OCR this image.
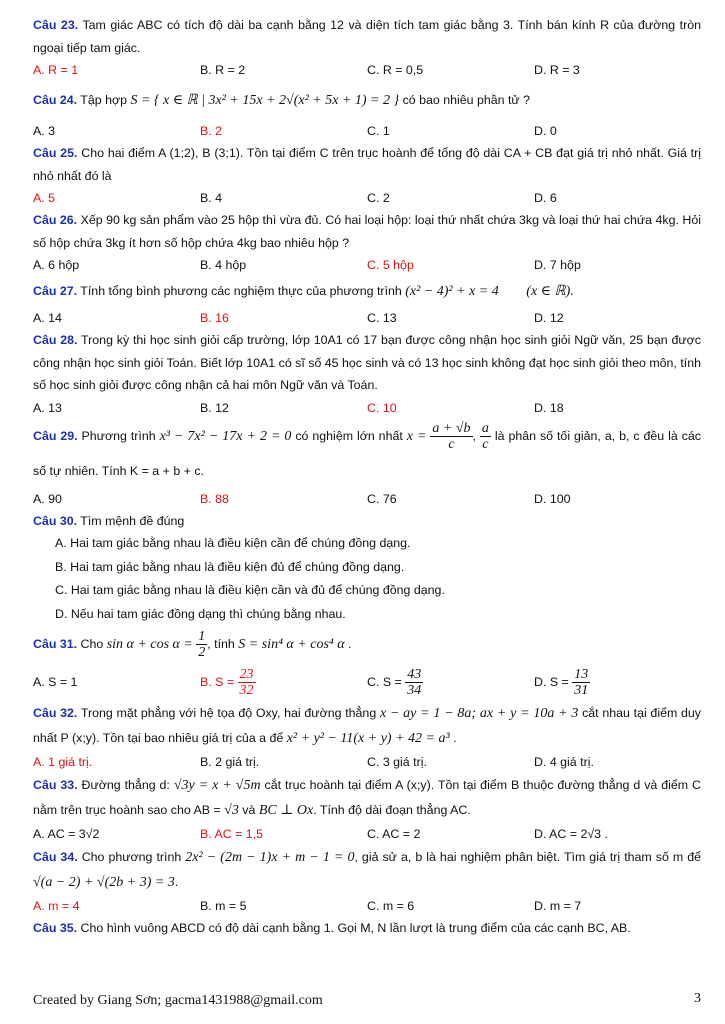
Câu 23. Tam giác ABC có tích độ dài ba cạnh bằng 12 và diện tích tam giác bằng 3. Tính bán kính R của đường tròn ngoại tiếp tam giác.
A. R = 1	B. R = 2	C. R = 0,5	D. R = 3
Câu 24. Tập hợp S = { x ∈ ℝ | 3x² + 15x + 2√(x² + 5x + 1) = 2 } có bao nhiêu phần tử ?
A. 3	B. 2	C. 1	D. 0
Câu 25. Cho hai điểm A (1;2), B (3;1). Tồn tại điểm C trên trục hoành để tổng độ dài CA + CB đạt giá trị nhỏ nhất. Giá trị nhỏ nhất đó là
A. 5	B. 4	C. 2	D. 6
Câu 26. Xếp 90 kg sản phẩm vào 25 hộp thì vừa đủ. Có hai loại hộp: loại thứ nhất chứa 3kg và loại thứ hai chứa 4kg. Hỏi số hộp chứa 3kg ít hơn số hộp chứa 4kg bao nhiêu hộp ?
A. 6 hộp	B. 4 hộp	C. 5 hộp	D. 7 hộp
Câu 27. Tính tổng bình phương các nghiệm thực của phương trình (x² − 4)² + x = 4 (x ∈ ℝ).
A. 14	B. 16	C. 13	D. 12
Câu 28. Trong kỳ thi học sinh giỏi cấp trường, lớp 10A1 có 17 bạn được công nhận học sinh giỏi Ngữ văn, 25 bạn được công nhận học sinh giỏi Toán. Biết lớp 10A1 có sĩ số 45 học sinh và có 13 học sinh không đạt học sinh giỏi theo môn, tính số học sinh giỏi được công nhận cả hai môn Ngữ văn và Toán.
A. 13	B. 12	C. 10	D. 18
Câu 29. Phương trình x³ − 7x² − 17x + 2 = 0 có nghiệm lớn nhất $x = \frac{a + √b}{c}$ , $\frac{a}{c}$ là phân số tối giản, a, b, c đều là các số tự nhiên. Tính K = a + b + c.
A. 90	B. 88	C. 76	D. 100
Câu 30. Tìm mệnh đề đúng
A. Hai tam giác bằng nhau là điều kiện cần để chúng đồng dạng.
B. Hai tam giác bằng nhau là điều kiện đủ để chúng đồng dạng.
C. Hai tam giác bằng nhau là điều kiện cần và đủ để chúng đồng dạng.
D. Nếu hai tam giác đồng dạng thì chúng bằng nhau.
Câu 31. Cho $\sin \alpha + \cos \alpha = \frac{1}{2}$ , tính S = sin⁴ α + cos⁴ α .
A. S = 1	B. $S = \frac{23}{32}$	C. $S = \frac{43}{34}$	D. $S = \frac{13}{31}$
Câu 32. Trong mặt phẳng với hệ tọa độ Oxy, hai đường thẳng x − ay = 1 − 8a; ax + y = 10a + 3 cắt nhau tại điểm duy nhất P (x;y). Tồn tại bao nhiêu giá trị của a để x² + y² − 11(x + y) + 42 = a³ .
A. 1 giá trị.	B. 2 giá trị.	C. 3 giá trị.	D. 4 giá trị.
Câu 33. Đường thẳng d: √3y = x + √5m cắt trục hoành tại điểm A (x;y). Tồn tại điểm B thuộc đường thẳng d và điểm C nằm trên trục hoành sao cho AB = √3 và BC ⊥ Ox. Tính độ dài đoạn thẳng AC.
A. AC = 3√2	B. AC = 1,5	C. AC = 2	D. AC = 2√3 .
Câu 34. Cho phương trình 2x² − (2m − 1)x + m − 1 = 0, giả sử a, b là hai nghiệm phân biệt. Tìm giá trị tham số m để √(a − 2) + √(2b + 3) = 3.
A. m = 4	B. m = 5	C. m = 6	D. m = 7
Câu 35. Cho hình vuông ABCD có độ dài cạnh bằng 1. Gọi M, N lần lượt là trung điểm của các cạnh BC, AB.
Created by Giang Sơn; gacma1431988@gmail.com	3
